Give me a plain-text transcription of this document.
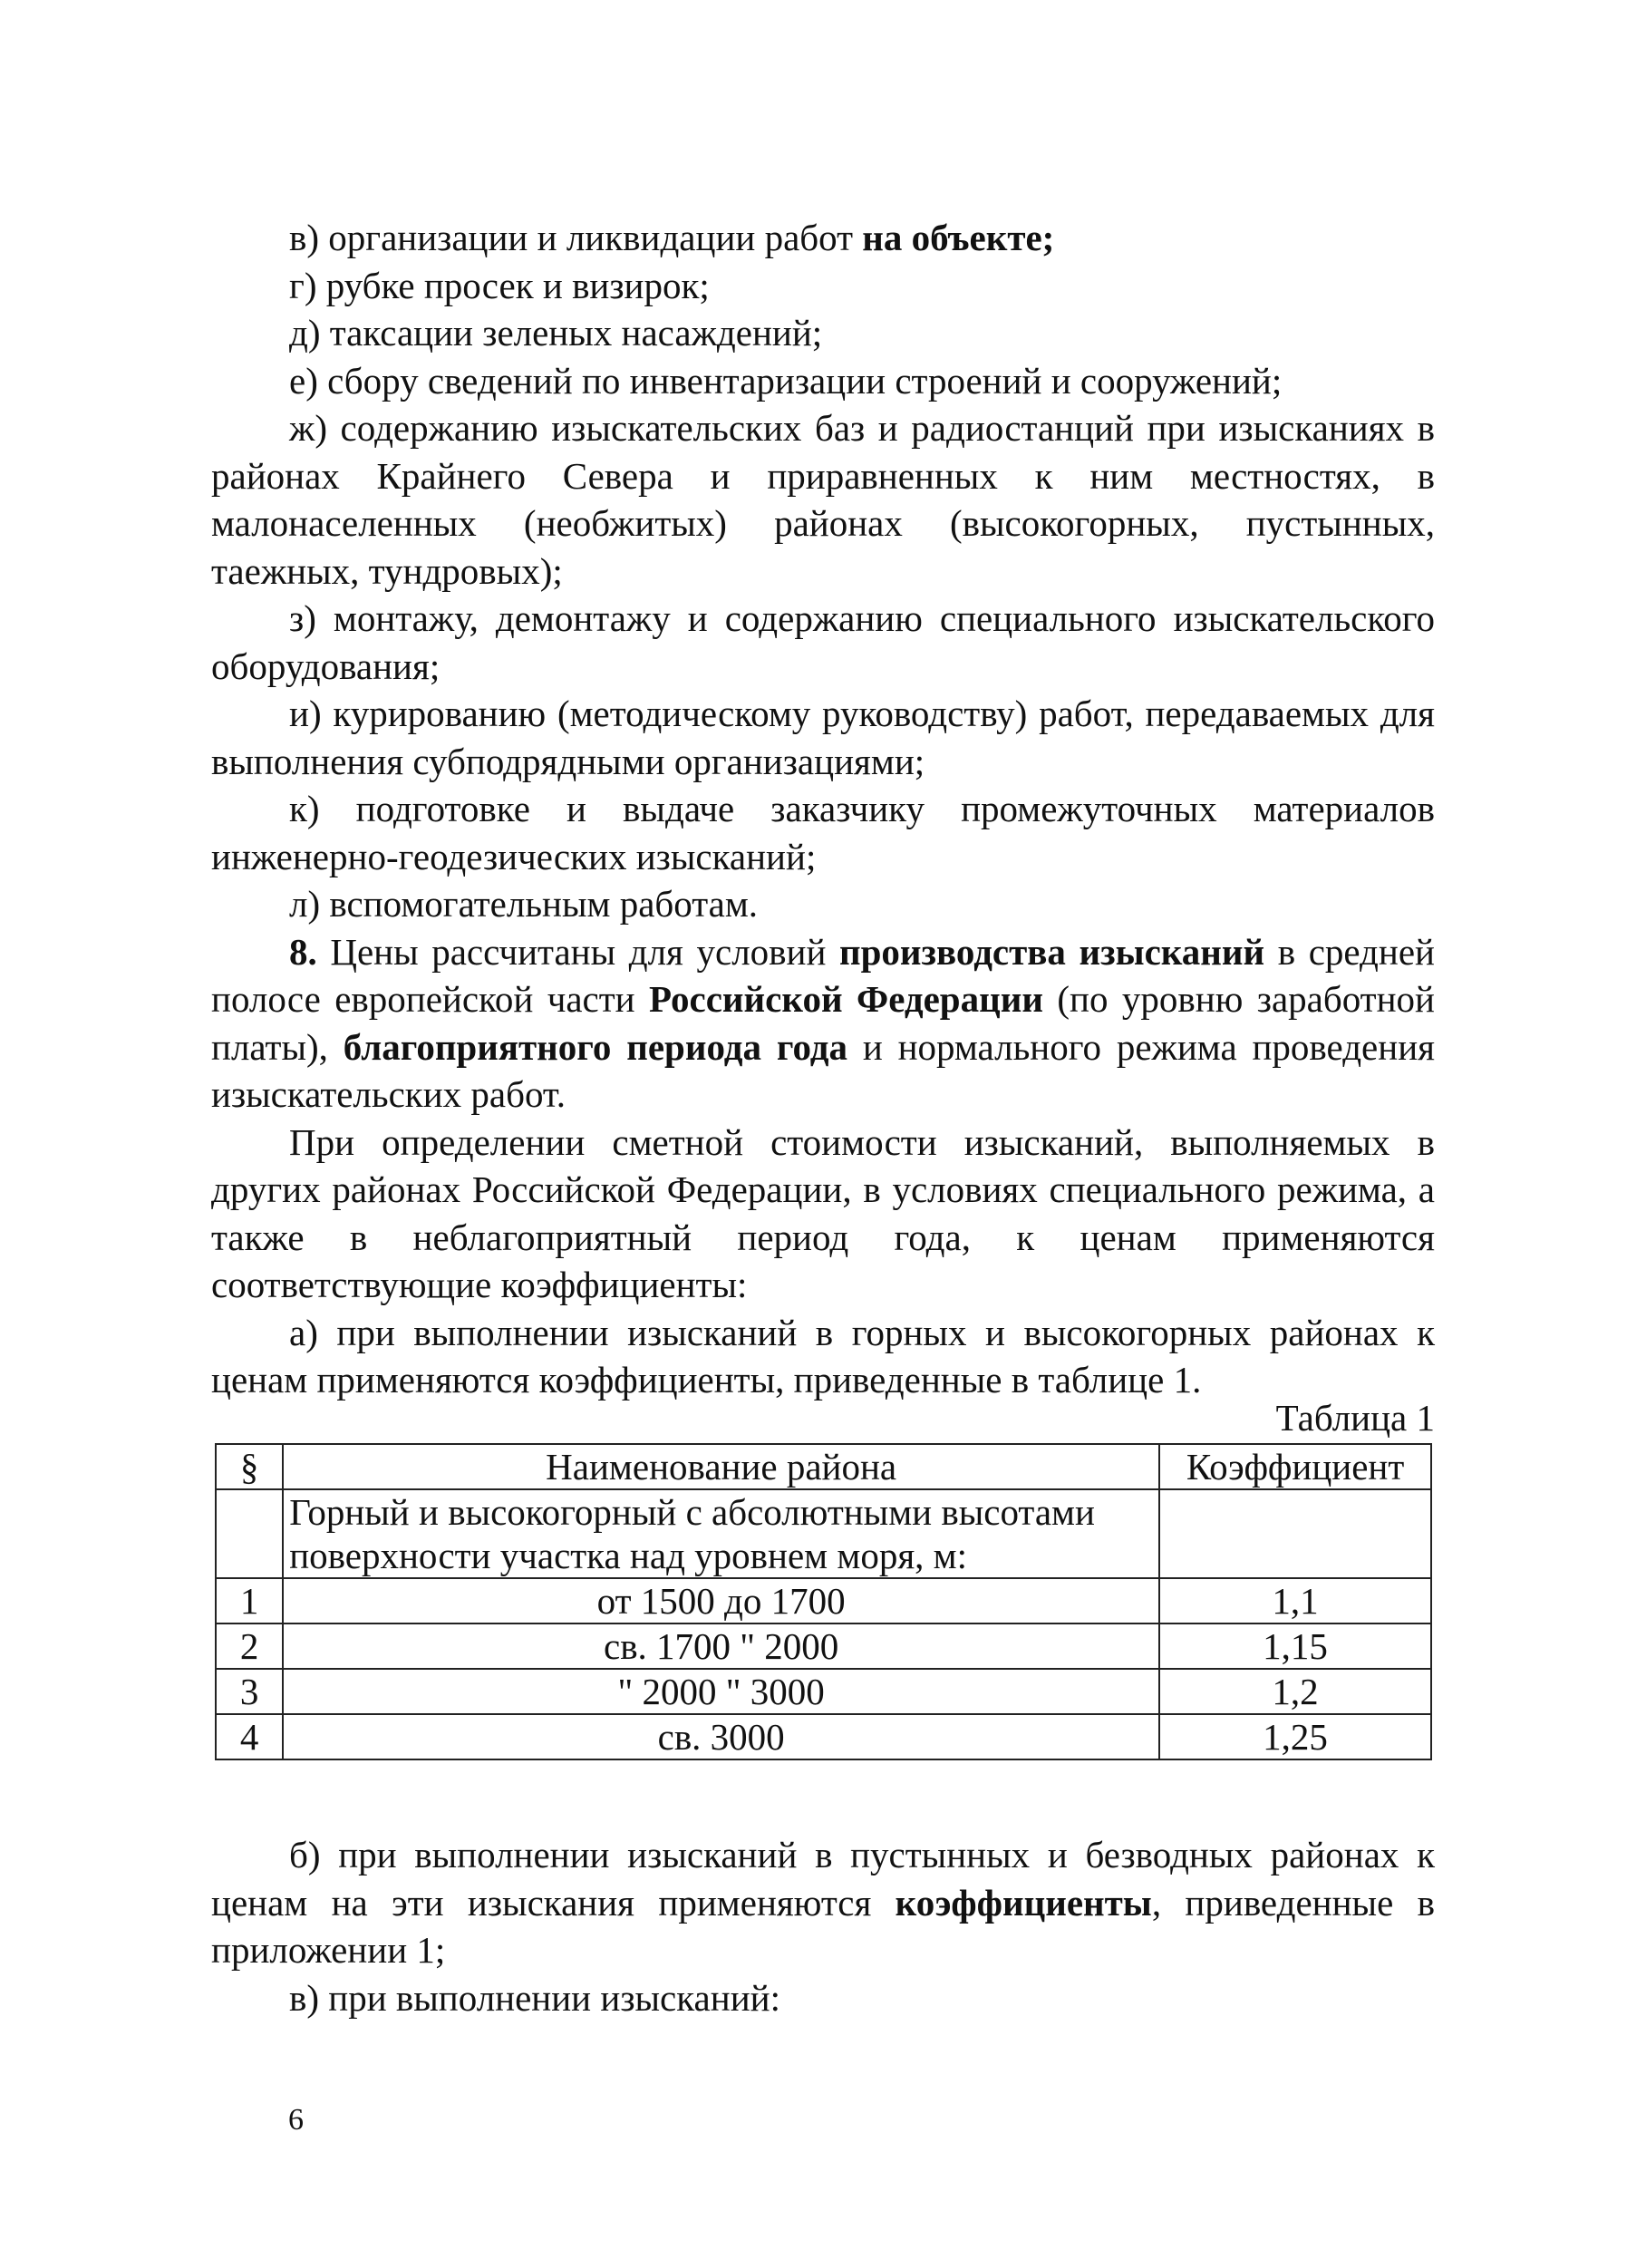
в) организации и ликвидации работ на объекте;

г) рубке просек и визирок;

д) таксации зеленых насаждений;

е) сбору сведений по инвентаризации строений и сооружений;

ж) содержанию изыскательских баз и радиостанций при изысканиях в районах Крайнего Севера и приравненных к ним местностях, в малонаселенных (необжитых) районах (высокогорных, пустынных, таежных, тундровых);

з) монтажу, демонтажу и содержанию специального изыскательского оборудования;

и) курированию (методическому руководству) работ, передаваемых для выполнения субподрядными организациями;

к) подготовке и выдаче заказчику промежуточных материалов инженерно-геодезических изысканий;

л) вспомогательным работам.

8. Цены рассчитаны для условий производства изысканий в средней полосе европейской части Российской Федерации (по уровню заработной платы), благоприятного периода года и нормального режима проведения изыскательских работ.

При определении сметной стоимости изысканий, выполняемых в других районах Российской Федерации, в условиях специального режима, а также в неблагоприятный период года, к ценам применяются соответствующие коэффициенты:

а) при выполнении изысканий в горных и высокогорных районах к ценам применяются коэффициенты, приведенные в таблице 1.

Таблица 1
§	Наименование района	Коэффициент
	Горный и высокогорный с абсолютными высотами поверхности участка над уровнем моря, м:	
1	от 1500 до 1700	1,1
2	св. 1700 " 2000	1,15
3	" 2000 " 3000	1,2
4	св. 3000	1,25

б) при выполнении изысканий в пустынных и безводных районах к ценам на эти изыскания применяются коэффициенты, приведенные в приложении 1;

в) при выполнении изысканий:

6
